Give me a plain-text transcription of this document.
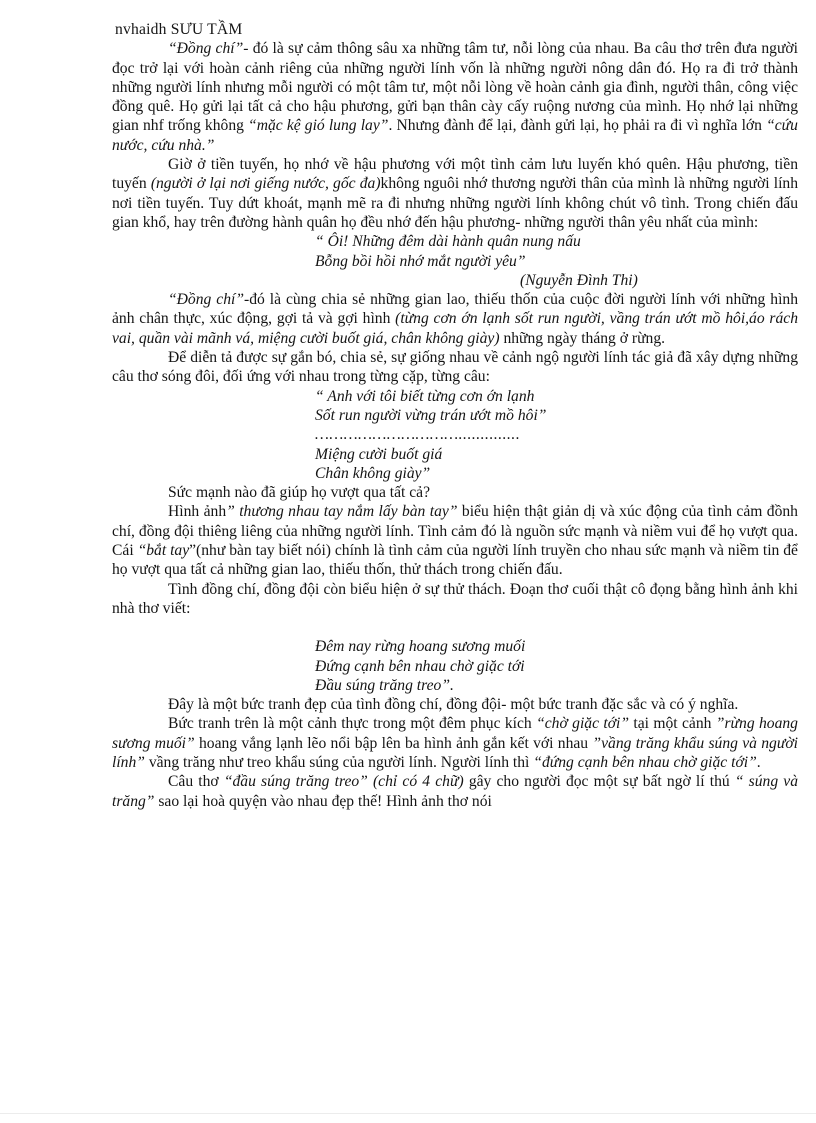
nvhaidh SƯU TẦM

“Đồng chí”- đó là sự cảm thông sâu xa những tâm tư, nỗi lòng của nhau. Ba câu thơ trên đưa người đọc trở lại với hoàn cảnh riêng của những người lính vốn là những người nông dân đó. Họ ra đi trở thành những người lính nhưng mỗi người có một tâm tư, một nỗi lòng về hoàn cảnh gia đình, người thân, công việc đồng quê. Họ gửi lại tất cả cho hậu phương, gửi bạn thân cày cấy ruộng nương của mình. Họ nhớ lại những gian nhf trống không “mặc kệ gió lung lay”. Nhưng đành để lại, đành gửi lại, họ phải ra đi vì nghĩa lớn “cứu nước, cứu nhà.”

Giờ ở tiền tuyến, họ nhớ về hậu phương với một tình cảm lưu luyến khó quên. Hậu phương, tiền tuyến (người ở lại nơi giếng nước, gốc đa)không nguôi nhớ thương người thân của mình là những người lính nơi tiền tuyến. Tuy dứt khoát, mạnh mẽ ra đi nhưng những người lính không chút vô tình. Trong chiến đấu gian khổ, hay trên đường hành quân họ đều nhớ đến hậu phương- những người thân yêu nhất của mình:

“ Ôi! Những đêm dài hành quân nung nấu
Bỗng bồi hồi nhớ mắt người yêu”
(Nguyễn Đình Thi)

“Đồng chí”-đó là cùng chia sẻ những gian lao, thiếu thốn của cuộc đời người lính với những hình ảnh chân thực, xúc động, gợi tả và gợi hình (từng cơn ớn lạnh sốt run người, vầng trán ướt mồ hôi,áo rách vai, quần vài mãnh vá, miệng cười buốt giá, chân không giày) những ngày tháng ở rừng.

Để diễn tả được sự gắn bó, chia sẻ, sự giống nhau về cảnh ngộ người lính tác giả đã xây dựng những câu thơ sóng đôi, đối ứng với nhau trong từng cặp, từng câu:

“ Anh với tôi biết từng cơn ớn lạnh
Sốt run người vừng trán ướt mồ hôi”
…………………………..............
Miệng cười buốt giá
Chân không giày”

Sức mạnh nào đã giúp họ vượt qua tất cả?

Hình ảnh” thương nhau tay nắm lấy bàn tay” biểu hiện thật giản dị và xúc động của tình cảm đồnh chí, đồng đội thiêng liêng của những người lính. Tình cảm đó là nguồn sức mạnh và niềm vui để họ vượt qua. Cái “bắt tay”(như bàn tay biết nói) chính là tình cảm của người lính truyền cho nhau sức mạnh và niềm tin để họ vượt qua tất cả những gian lao, thiếu thốn, thử thách trong chiến đấu.

Tình đồng chí, đồng đội còn biểu hiện ở sự thử thách. Đoạn thơ cuối thật cô đọng bằng hình ảnh khi nhà thơ viết:

Đêm nay rừng hoang sương muối
Đứng cạnh bên nhau chờ giặc tới
Đầu súng trăng treo”.

Đây là một bức tranh đẹp của tình đồng chí, đồng đội- một bức tranh đặc sắc và có ý nghĩa.

Bức tranh trên là một cảnh thực trong một đêm phục kích “chờ giặc tới” tại một cảnh ”rừng hoang sương muối” hoang vắng lạnh lẽo nổi bập lên ba hình ảnh gắn kết với nhau ”vầng trăng khẩu súng và người lính” vầng trăng như treo khẩu súng của người lính. Người lính thì “đứng cạnh bên nhau chờ giặc tới”.

Câu thơ “đầu súng trăng treo” (chỉ có 4 chữ) gây cho người đọc một sự bất ngờ lí thú “ súng và trăng” sao lại hoà quyện vào nhau đẹp thế! Hình ảnh thơ nói
